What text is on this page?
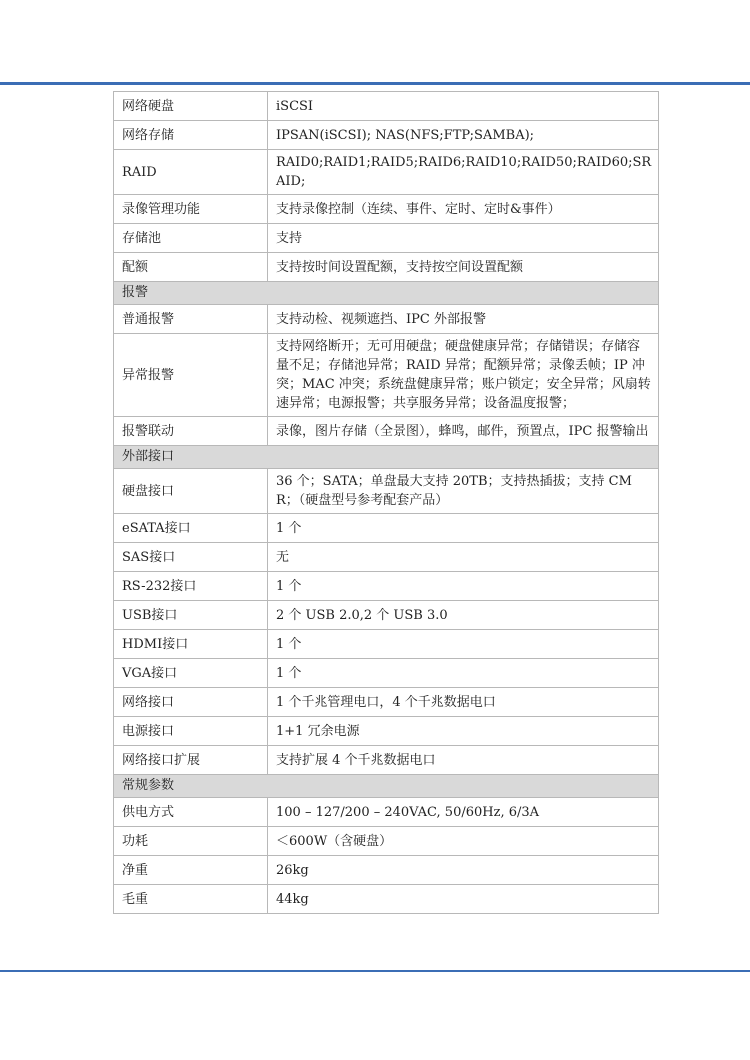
网络硬盘	iSCSI
网络存储	IPSAN(iSCSI); NAS(NFS;FTP;SAMBA);
RAID	RAID0;RAID1;RAID5;RAID6;RAID10;RAID50;RAID60;SRAID;
录像管理功能	支持录像控制（连续、事件、定时、定时&事件）
存储池	支持
配额	支持按时间设置配额，支持按空间设置配额
报警	
普通报警	支持动检、视频遮挡、IPC 外部报警
异常报警	支持网络断开；无可用硬盘；硬盘健康异常；存储错误；存储容量不足；存储池异常；RAID 异常；配额异常；录像丢帧；IP 冲突；MAC 冲突；系统盘健康异常；账户锁定；安全异常；风扇转速异常；电源报警；共享服务异常；设备温度报警；
报警联动	录像，图片存储（全景图），蜂鸣，邮件，预置点，IPC 报警输出
外部接口	
硬盘接口	36 个；SATA；单盘最大支持 20TB；支持热插拔；支持 CMR；（硬盘型号参考配套产品）
eSATA接口	1 个
SAS接口	无
RS-232接口	1 个
USB接口	2 个 USB 2.0,2 个 USB 3.0
HDMI接口	1 个
VGA接口	1 个
网络接口	1 个千兆管理电口，4 个千兆数据电口
电源接口	1+1 冗余电源
网络接口扩展	支持扩展 4 个千兆数据电口
常规参数	
供电方式	100 – 127/200 – 240VAC, 50/60Hz, 6/3A
功耗	＜600W（含硬盘）
净重	26kg
毛重	44kg
